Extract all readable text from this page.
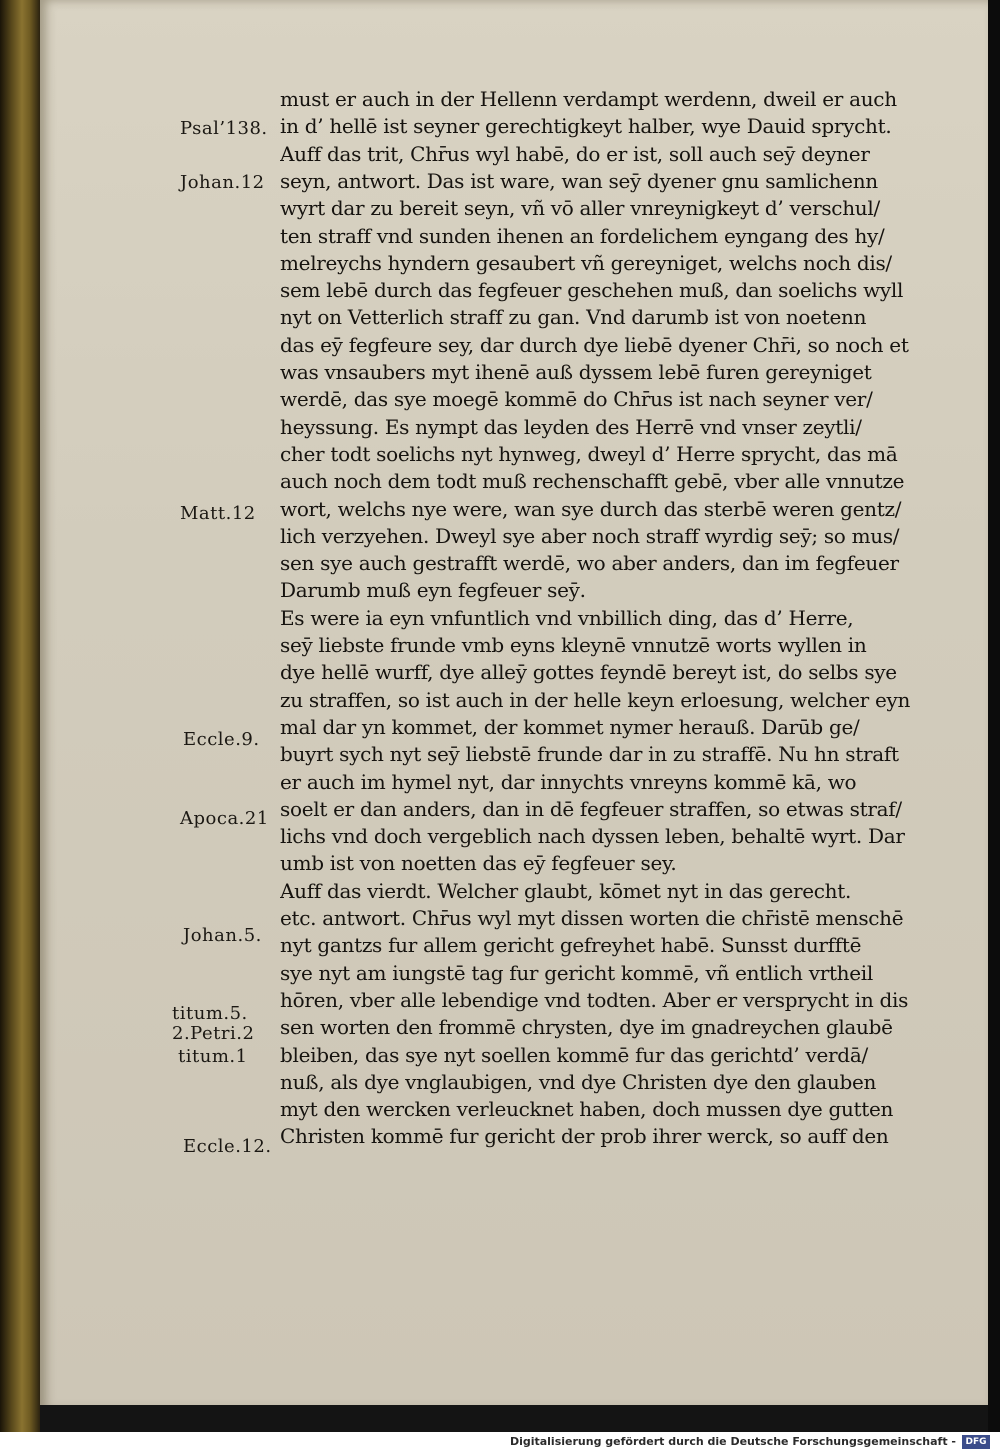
Psal’138.
Johan.12
Matt.12
Eccle.9.
Apoca.21
Johan.5.
titum.5.
2.Petri.2
titum.1
Eccle.12.
must er auch in der Hellenn verdampt werdenn, dweil er auch
in d’ hellē ist seyner gerechtigkeyt halber, wye Dauid sprycht.
Auff das trit, Chr̄us wyl habē, do er ist, soll auch seȳ deyner
seyn, antwort. Das ist ware, wan seȳ dyener gnu samlichenn
wyrt dar zu bereit seyn, vñ vō aller vnreynigkeyt d’ verschul/
ten straff vnd sunden ihenen an fordelichem eyngang des hy/
melreychs hyndern gesaubert vñ gereyniget, welchs noch dis/
sem lebē durch das fegfeuer geschehen muß, dan soelichs wyll
nyt on Vetterlich straff zu gan. Vnd darumb ist von noetenn
das eȳ fegfeure sey, dar durch dye liebē dyener Chr̄i, so noch et
was vnsaubers myt ihenē auß dyssem lebē furen gereyniget
werdē, das sye moegē kommē do Chr̄us ist nach seyner ver/
heyssung. Es nympt das leyden des Herrē vnd vnser zeytli/
cher todt soelichs nyt hynweg, dweyl d’ Herre sprycht, das mā
auch noch dem todt muß rechenschafft gebē, vber alle vnnutze
wort, welchs nye were, wan sye durch das sterbē weren gentz/
lich verzyehen. Dweyl sye aber noch straff wyrdig seȳ; so mus/
sen sye auch gestrafft werdē, wo aber anders, dan im fegfeuer
Darumb muß eyn fegfeuer seȳ.
Es were ia eyn vnfuntlich vnd vnbillich ding, das d’ Herre,
seȳ liebste frunde vmb eyns kleynē vnnutzē worts wyllen in
dye hellē wurff, dye alleȳ gottes feyndē bereyt ist, do selbs sye
zu straffen, so ist auch in der helle keyn erloesung, welcher eyn
mal dar yn kommet, der kommet nymer herauß. Darūb ge/
buyrt sych nyt seȳ liebstē frunde dar in zu straffē. Nu hn straft
er auch im hymel nyt, dar innychts vnreyns kommē kā, wo
soelt er dan anders, dan in dē fegfeuer straffen, so etwas straf/
lichs vnd doch vergeblich nach dyssen leben, behaltē wyrt. Dar
umb ist von noetten das eȳ fegfeuer sey.
Auff das vierdt. Welcher glaubt, kōmet nyt in das gerecht.
etc. antwort. Chr̄us wyl myt dissen worten die chr̄istē menschē
nyt gantzs fur allem gericht gefreyhet habē. Sunsst durfftē
sye nyt am iungstē tag fur gericht kommē, vñ entlich vrtheil
hōren, vber alle lebendige vnd todten. Aber er versprycht in dis
sen worten den frommē chrysten, dye im gnadreychen glaubē
bleiben, das sye nyt soellen kommē fur das gerichtd’ verdā/
nuß, als dye vnglaubigen, vnd dye Christen dye den glauben
myt den wercken verleucknet haben, doch mussen dye gutten
Christen kommē fur gericht der prob ihrer werck, so auff den
Digitalisierung gefördert durch die Deutsche Forschungsgemeinschaft -	DFG
